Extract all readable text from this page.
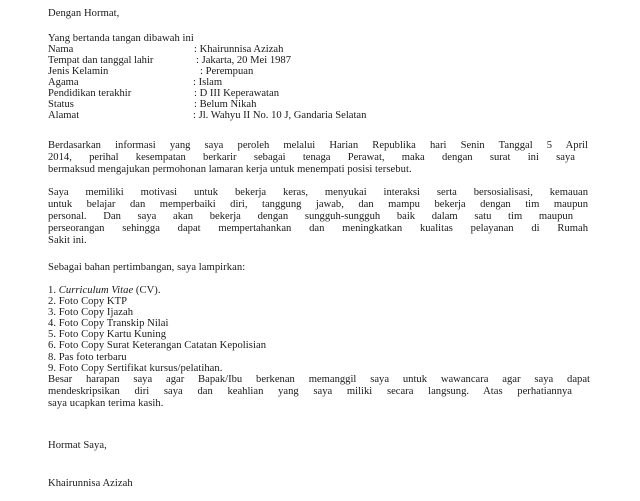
Dengan Hormat,
Yang bertanda tangan dibawah ini
Nama	: Khairunnisa Azizah
Tempat dan tanggal lahir	: Jakarta, 20 Mei 1987
Jenis Kelamin	: Perempuan
Agama	: Islam
Pendidikan terakhir	: D III Keperawatan
Status	: Belum Nikah
Alamat	: Jl. Wahyu II No. 10 J, Gandaria Selatan
Berdasarkan informasi yang saya peroleh melalui Harian Republika hari Senin Tanggal 5 April
2014, perihal kesempatan berkarir sebagai tenaga Perawat, maka dengan surat ini saya
bermaksud mengajukan permohonan lamaran kerja untuk menempati posisi tersebut.
Saya memiliki motivasi untuk bekerja keras, menyukai interaksi serta bersosialisasi, kemauan
untuk belajar dan memperbaiki diri, tanggung jawab, dan mampu bekerja dengan tim maupun
personal. Dan saya akan bekerja dengan sungguh-sungguh baik dalam satu tim maupun
perseorangan sehingga dapat mempertahankan dan meningkatkan kualitas pelayanan di Rumah
Sakit ini.
Sebagai bahan pertimbangan, saya lampirkan:
1. Curriculum Vitae (CV).
2. Foto Copy KTP
3. Foto Copy Ijazah
4. Foto Copy Transkip Nilai
5. Foto Copy Kartu Kuning
6. Foto Copy Surat Keterangan Catatan Kepolisian
8. Pas foto terbaru
9. Foto Copy Sertifikat kursus/pelatihan.
Besar harapan saya agar Bapak/Ibu berkenan memanggil saya untuk wawancara agar saya dapat
mendeskripsikan diri saya dan keahlian yang saya miliki secara langsung. Atas perhatiannya
saya ucapkan terima kasih.
Hormat Saya,
Khairunnisa Azizah
